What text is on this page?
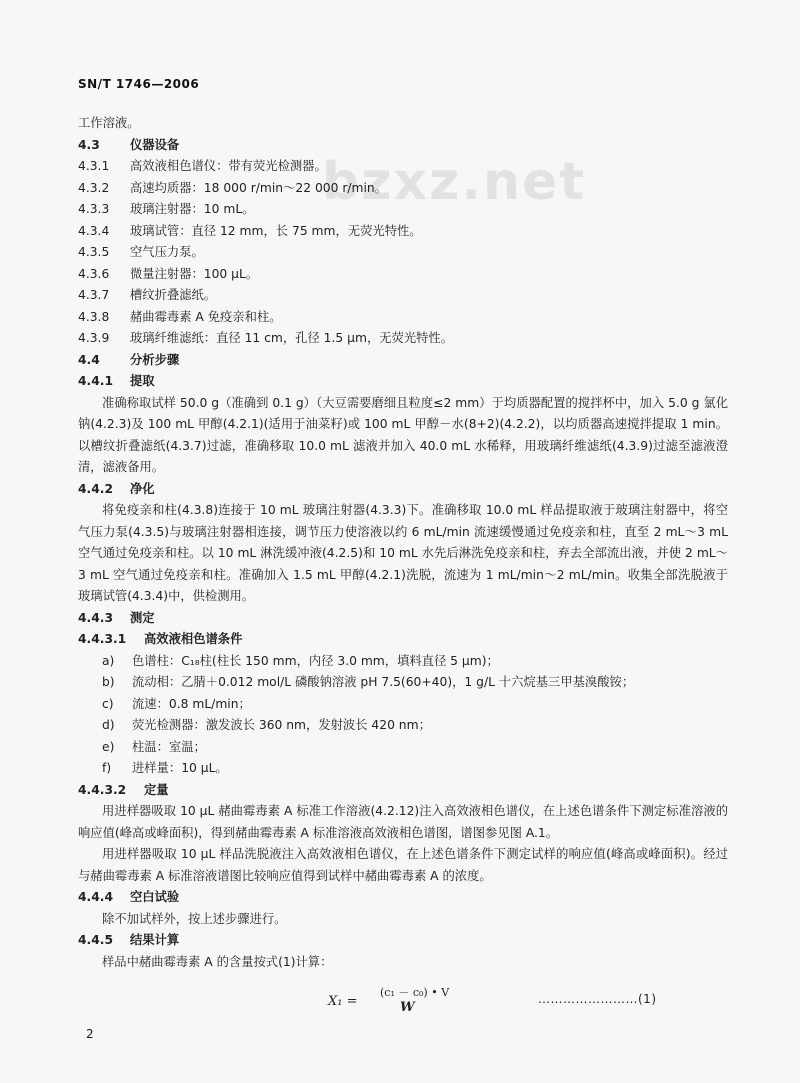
SN/T 1746—2006
bzxz.net
工作溶液。
4.3 仪器设备
4.3.1 高效液相色谱仪：带有荧光检测器。
4.3.2 高速均质器：18 000 r/min～22 000 r/min。
4.3.3 玻璃注射器：10 mL。
4.3.4 玻璃试管：直径 12 mm，长 75 mm，无荧光特性。
4.3.5 空气压力泵。
4.3.6 微量注射器：100 μL。
4.3.7 槽纹折叠滤纸。
4.3.8 赭曲霉毒素 A 免疫亲和柱。
4.3.9 玻璃纤维滤纸：直径 11 cm，孔径 1.5 μm，无荧光特性。
4.4 分析步骤
4.4.1 提取

准确称取试样 50.0 g（准确到 0.1 g）（大豆需要磨细且粒度≤2 mm）于均质器配置的搅拌杯中，加入 5.0 g 氯化钠(4.2.3)及 100 mL 甲醇(4.2.1)(适用于油菜籽)或 100 mL 甲醇－水(8+2)(4.2.2)，以均质器高速搅拌提取 1 min。以槽纹折叠滤纸(4.3.7)过滤，准确移取 10.0 mL 滤液并加入 40.0 mL 水稀释，用玻璃纤维滤纸(4.3.9)过滤至滤液澄清，滤液备用。

4.4.2 净化

将免疫亲和柱(4.3.8)连接于 10 mL 玻璃注射器(4.3.3)下。准确移取 10.0 mL 样品提取液于玻璃注射器中，将空气压力泵(4.3.5)与玻璃注射器相连接，调节压力使溶液以约 6 mL/min 流速缓慢通过免疫亲和柱，直至 2 mL～3 mL 空气通过免疫亲和柱。以 10 mL 淋洗缓冲液(4.2.5)和 10 mL 水先后淋洗免疫亲和柱，弃去全部流出液，并使 2 mL～3 mL 空气通过免疫亲和柱。准确加入 1.5 mL 甲醇(4.2.1)洗脱，流速为 1 mL/min～2 mL/min。收集全部洗脱液于玻璃试管(4.3.4)中，供检测用。

4.4.3 测定
4.4.3.1 高效液相色谱条件
a) 色谱柱：C₁₈柱(柱长 150 mm，内径 3.0 mm，填料直径 5 μm)；
b) 流动相：乙腈＋0.012 mol/L 磷酸钠溶液 pH 7.5(60+40)，1 g/L 十六烷基三甲基溴酸铵；
c) 流速：0.8 mL/min；
d) 荧光检测器：激发波长 360 nm，发射波长 420 nm；
e) 柱温：室温；
f) 进样量：10 μL。
4.4.3.2 定量

用进样器吸取 10 μL 赭曲霉毒素 A 标准工作溶液(4.2.12)注入高效液相色谱仪，在上述色谱条件下测定标准溶液的响应值(峰高或峰面积)，得到赭曲霉毒素 A 标准溶液高效液相色谱图，谱图参见图 A.1。

用进样器吸取 10 μL 样品洗脱液注入高效液相色谱仪，在上述色谱条件下测定试样的响应值(峰高或峰面积)。经过与赭曲霉毒素 A 标准溶液谱图比较响应值得到试样中赭曲霉毒素 A 的浓度。

4.4.4 空白试验

除不加试样外，按上述步骤进行。

4.4.5 结果计算

样品中赭曲霉毒素 A 的含量按式(1)计算：

X₁ =
(c₁ － c₀) • V
W
……………………(1)
2
